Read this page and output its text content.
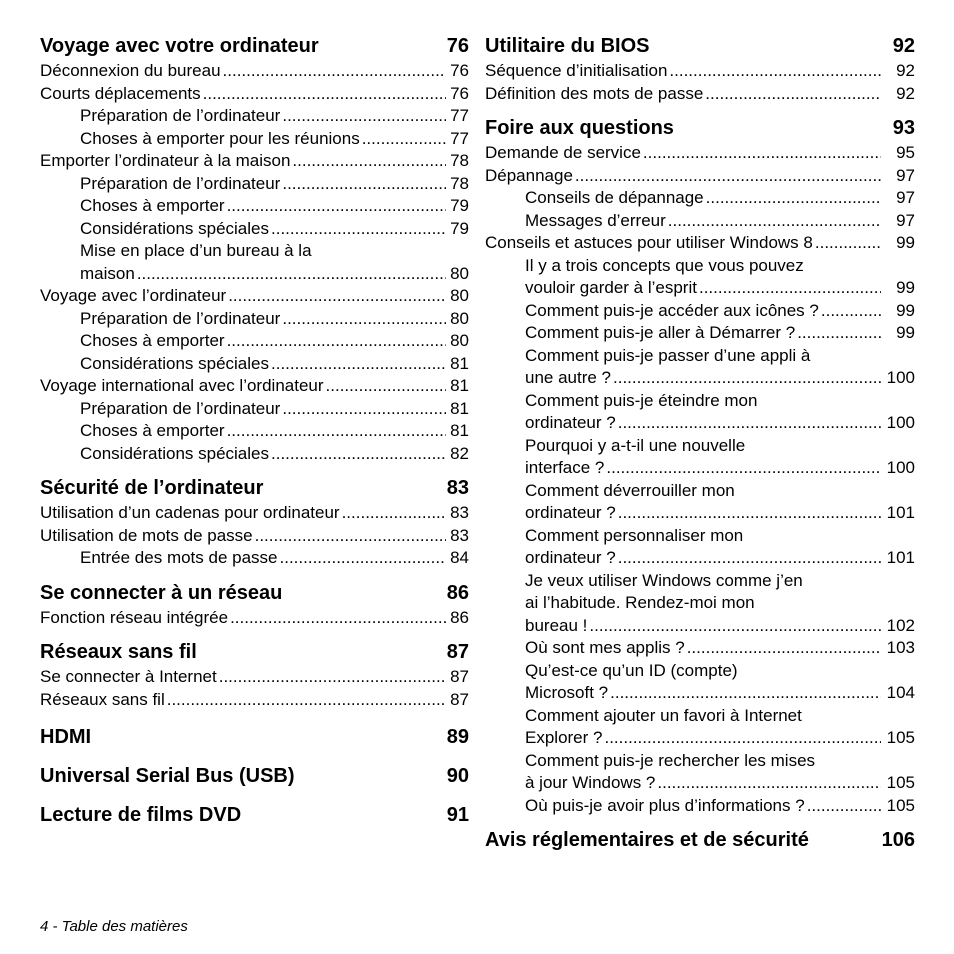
Voyage avec votre ordinateur	76
Déconnexion du bureau .....	76
Courts déplacements .....	76
Préparation de l’ordinateur .....	77
Choses à emporter pour les réunions .....	77
Emporter l’ordinateur à la maison .....	78
Préparation de l’ordinateur .....	78
Choses à emporter .....	79
Considérations spéciales .....	79
Mise en place d’un bureau à la
maison .....	80
Voyage avec l’ordinateur .....	80
Préparation de l’ordinateur .....	80
Choses à emporter .....	80
Considérations spéciales .....	81
Voyage international avec l’ordinateur .....	81
Préparation de l’ordinateur .....	81
Choses à emporter .....	81
Considérations spéciales .....	82
Sécurité de l’ordinateur	83
Utilisation d’un cadenas pour ordinateur .....	83
Utilisation de mots de passe .....	83
Entrée des mots de passe .....	84
Se connecter à un réseau	86
Fonction réseau intégrée .....	86
Réseaux sans fil	87
Se connecter à Internet .....	87
Réseaux sans fil .....	87
HDMI	89
Universal Serial Bus (USB)	90
Lecture de films DVD	91
Utilitaire du BIOS	92
Séquence d’initialisation .....	92
Définition des mots de passe .....	92
Foire aux questions	93
Demande de service .....	95
Dépannage .....	97
Conseils de dépannage .....	97
Messages d’erreur .....	97
Conseils et astuces pour utiliser Windows 8 .....	99
Il y a trois concepts que vous pouvez
vouloir garder à l’esprit .....	99
Comment puis-je accéder aux icônes ? .....	99
Comment puis-je aller à Démarrer ? .....	99
Comment puis-je passer d’une appli à
une autre ? .....	100
Comment puis-je éteindre mon
ordinateur ? .....	100
Pourquoi y a-t-il une nouvelle
interface ? .....	100
Comment déverrouiller mon
ordinateur ? .....	101
Comment personnaliser mon
ordinateur ? .....	101
Je veux utiliser Windows comme j’en
ai l’habitude. Rendez-moi mon
bureau ! .....	102
Où sont mes applis ? .....	103
Qu’est-ce qu’un ID (compte)
Microsoft ? .....	104
Comment ajouter un favori à Internet
Explorer ? .....	105
Comment puis-je rechercher les mises
à jour Windows ? .....	105
Où puis-je avoir plus d’informations ? .....	105
Avis réglementaires et de sécurité	106
4 - Table des matières
